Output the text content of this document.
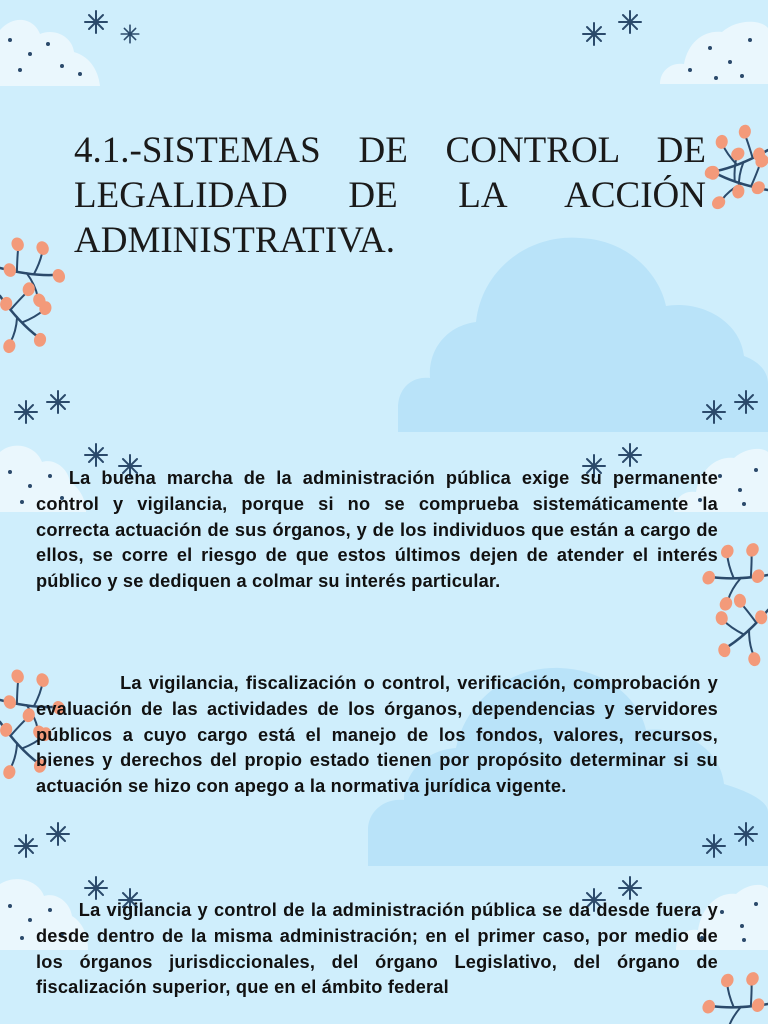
4.1.-SISTEMAS DE CONTROL DE LEGALIDAD DE LA ACCIÓN ADMINISTRATIVA.

La buena marcha de la administración pública exige su permanente control y vigilancia, porque si no se comprueba sistemáticamente la correcta actuación de sus órganos, y de los individuos que están a cargo de ellos, se corre el riesgo de que estos últimos dejen de atender el interés público y se dediquen a colmar su interés particular.

La vigilancia, fiscalización o control, verificación, comprobación y evaluación de las actividades de los órganos, dependencias y servidores públicos a cuyo cargo está el manejo de los fondos, valores, recursos, bienes y derechos del propio estado tienen por propósito determinar si su actuación se hizo con apego a la normativa jurídica vigente.

La vigilancia y control de la administración pública se da desde fuera y desde dentro de la misma administración; en el primer caso, por medio de los órganos jurisdiccionales, del órgano Legislativo, del órgano de fiscalización superior, que en el ámbito federal
